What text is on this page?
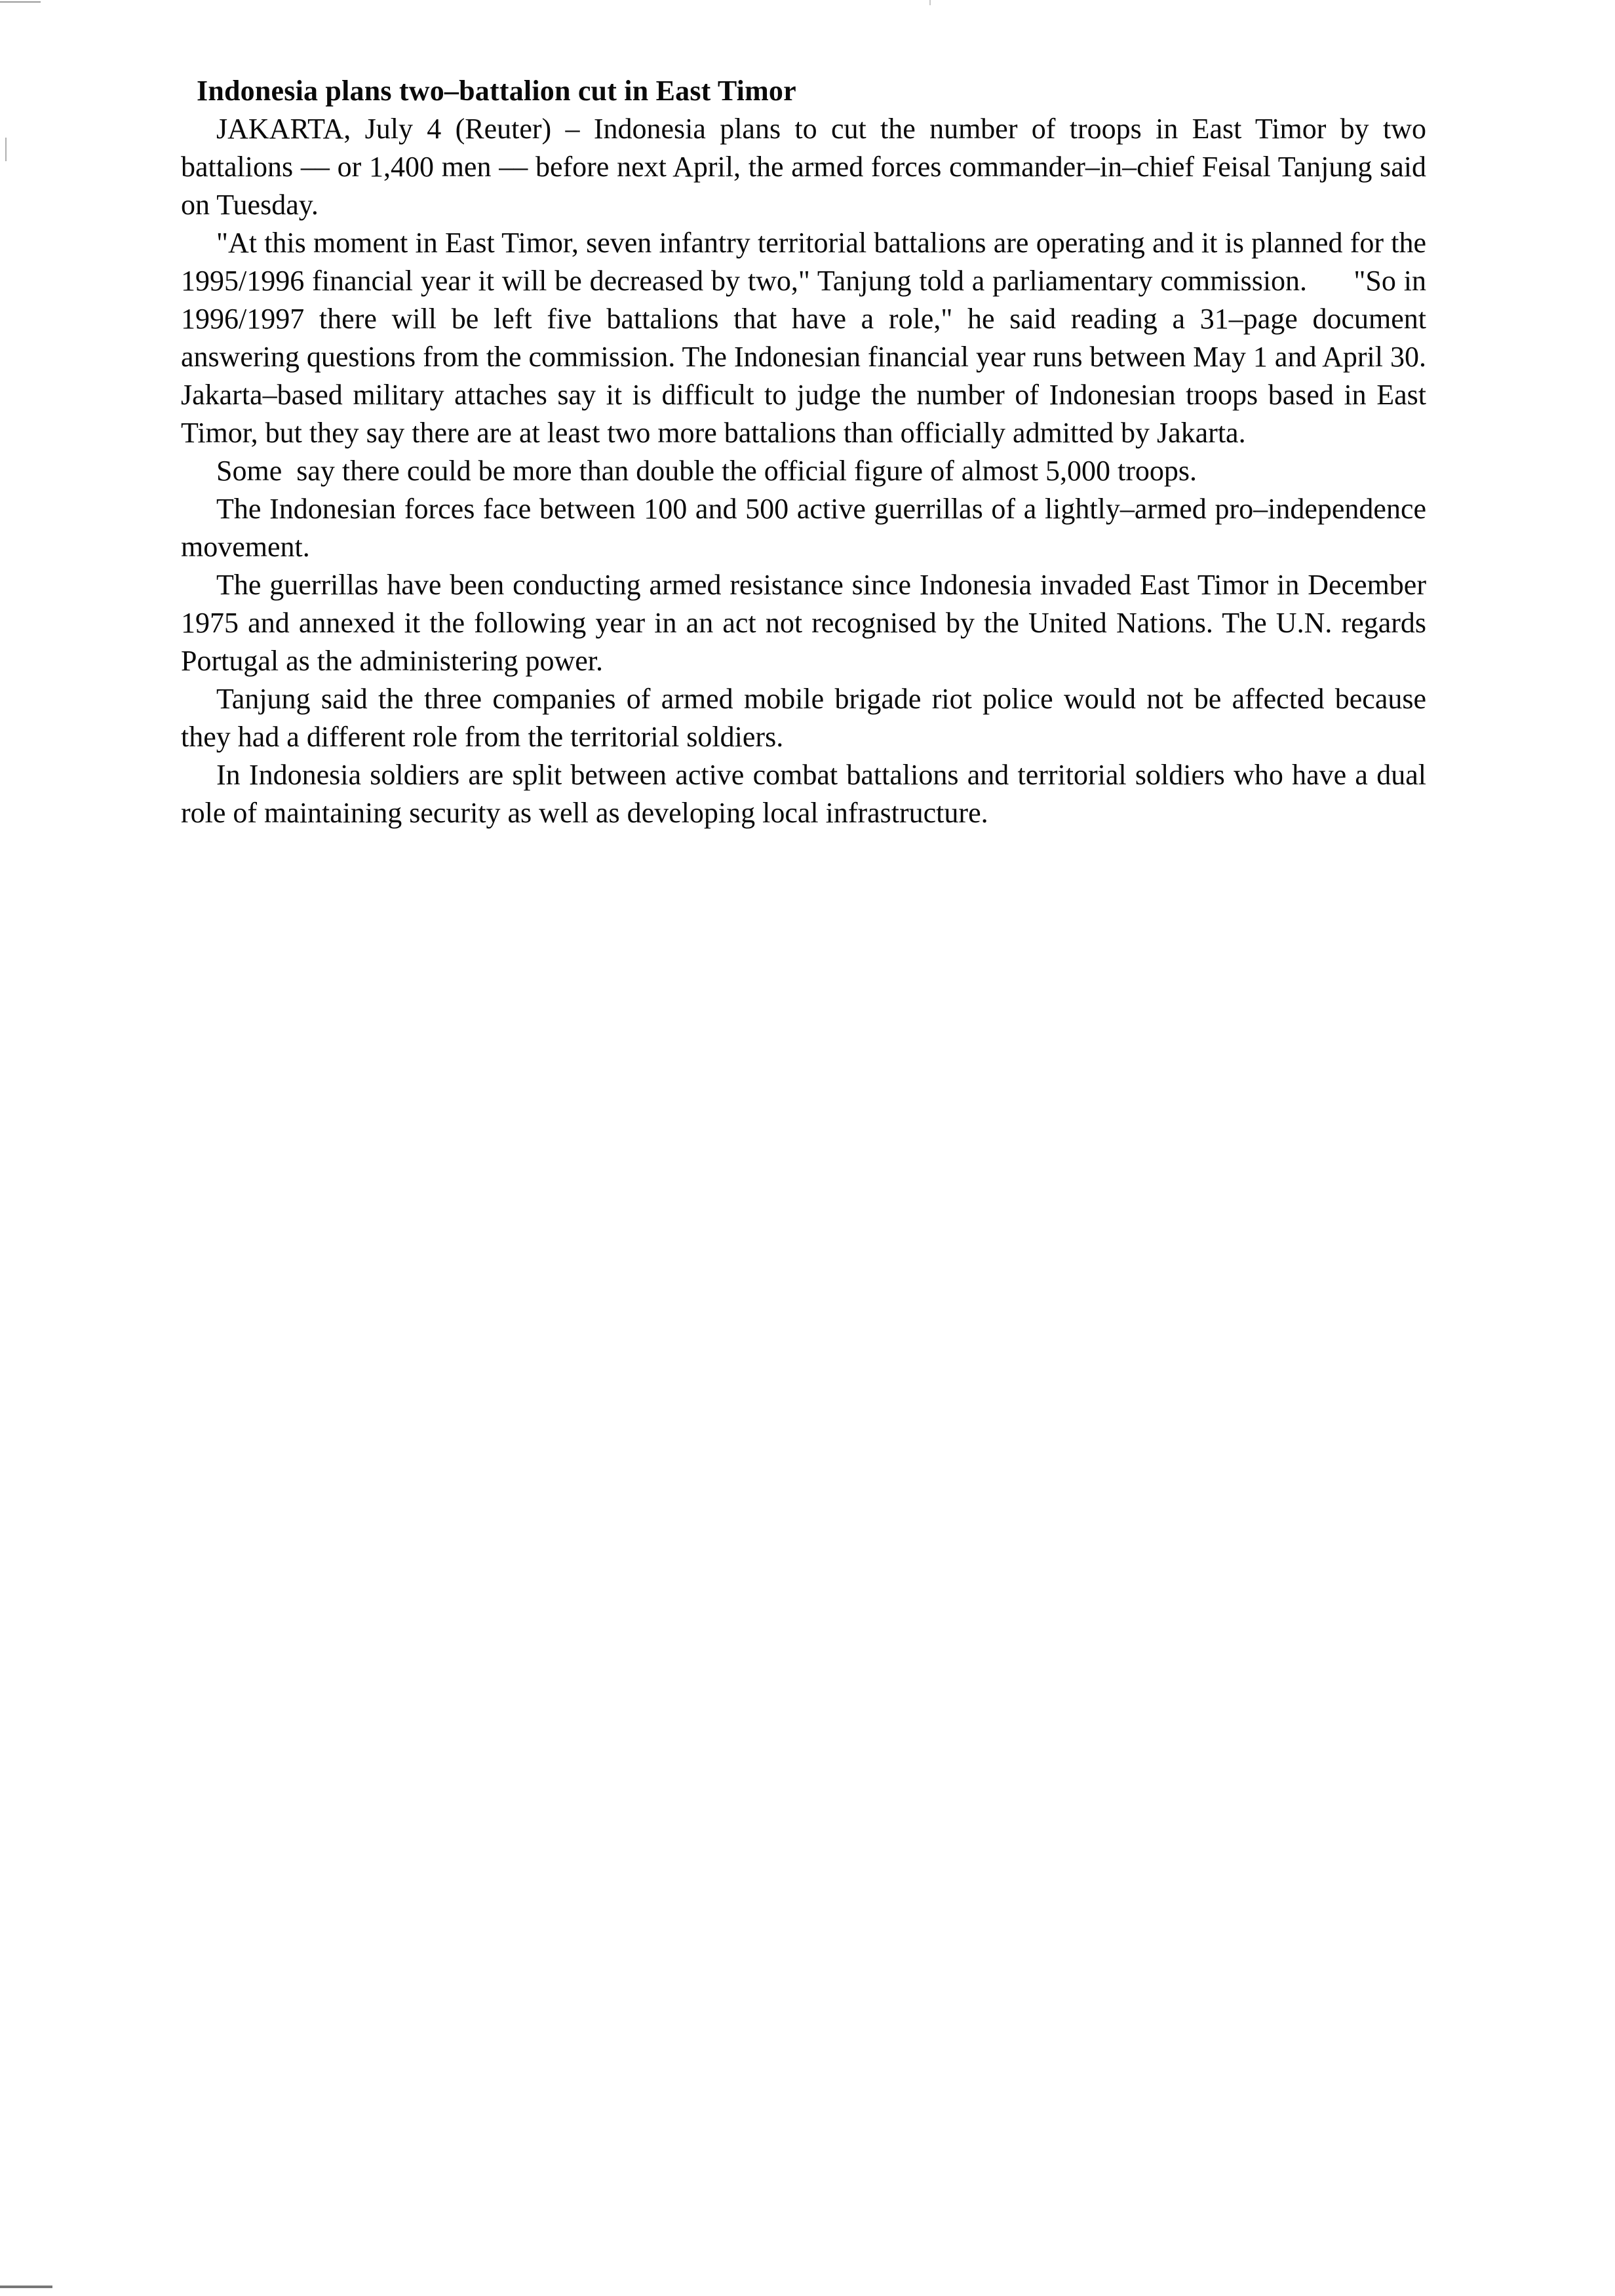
Indonesia plans two–battalion cut in East Timor

JAKARTA, July 4 (Reuter) – Indonesia plans to cut the number of troops in East Timor by two battalions –– or 1,400 men –– before next April, the armed forces commander–in–chief Feisal Tanjung said on Tuesday.

"At this moment in East Timor, seven infantry territorial battalions are operating and it is planned for the 1995/1996 financial year it will be decreased by two," Tanjung told a parliamentary commission.      "So in 1996/1997 there will be left five battalions that have a role," he said reading a 31–page document answering questions from the commission. The Indonesian financial year runs between May 1 and April 30.      Jakarta–based military attaches say it is difficult to judge the number of Indonesian troops based in East Timor, but they say there are at least two more battalions than officially admitted by Jakarta.

Some  say there could be more than double the official figure of almost 5,000 troops.

The Indonesian forces face between 100 and 500 active guerrillas of a lightly–armed pro–independence movement.

The guerrillas have been conducting armed resistance since Indonesia invaded East Timor in December 1975 and annexed it the following year in an act not recognised by the United Nations. The U.N. regards Portugal as the administering power.

Tanjung said the three companies of armed mobile brigade riot police would not be affected because they had a different role from the territorial soldiers.

In Indonesia soldiers are split between active combat battalions and territorial soldiers who have a dual role of maintaining security as well as developing local infrastructure.
